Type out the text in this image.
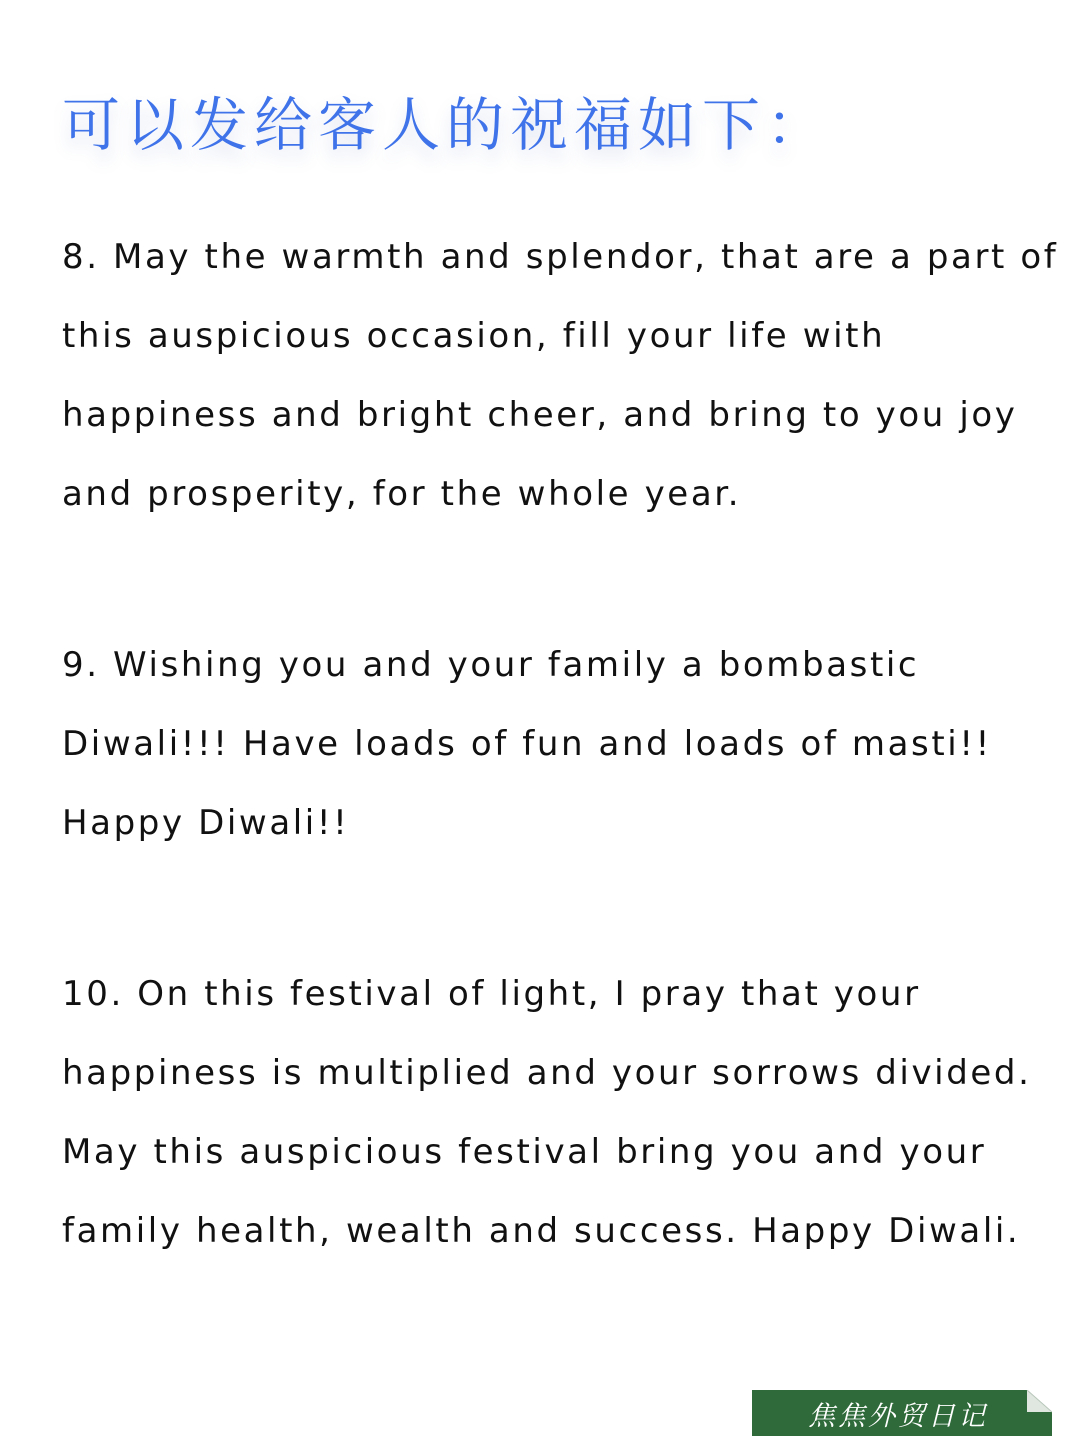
可以发给客人的祝福如下：

8. May the warmth and splendor, that are a part of
this auspicious occasion, fill your life with
happiness and bright cheer, and bring to you joy
and prosperity, for the whole year.

9. Wishing you and your family a bombastic
Diwali!!! Have loads of fun and loads of masti!!
Happy Diwali!!

10. On this festival of light, I pray that your
happiness is multiplied and your sorrows divided.
May this auspicious festival bring you and your
family health, wealth and success. Happy Diwali.

焦焦外贸日记
